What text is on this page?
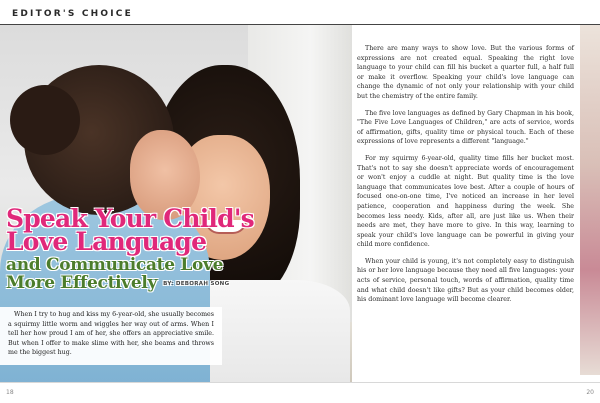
EDITOR'S CHOICE
Speak Your Child's
Love Language
and Communicate Love
More Effectively BY: DEBORAH SONG

When I try to hug and kiss my 6-year-old, she usually becomes a squirmy little worm and wiggles her way out of arms. When I tell her how proud I am of her, she offers an appreciative smile. But when I offer to make slime with her, she beams and throws me the biggest hug.

There are many ways to show love. But the various forms of expressions are not created equal. Speaking the right love language to your child can fill his bucket a quarter full, a half full or make it overflow. Speaking your child's love language can change the dynamic of not only your relationship with your child but the chemistry of the entire family.

The five love languages as defined by Gary Chapman in his book, "The Five Love Languages of Children," are acts of service, words of affirmation, gifts, quality time or physical touch. Each of these expressions of love represents a different "language."

For my squirmy 6-year-old, quality time fills her bucket most. That's not to say she doesn't appreciate words of encouragement or won't enjoy a cuddle at night. But quality time is the love language that communicates love best. After a couple of hours of focused one-on-one time, I've noticed an increase in her level patience, cooperation and happiness during the week. She becomes less needy. Kids, after all, are just like us. When their needs are met, they have more to give. In this way, learning to speak your child's love language can be powerful in giving your child more confidence.

When your child is young, it's not completely easy to distinguish his or her love language because they need all five languages: your acts of service, personal touch, words of affirmation, quality time and what child doesn't like gifts? But as your child becomes older, his dominant love language will become clearer.

18	20
